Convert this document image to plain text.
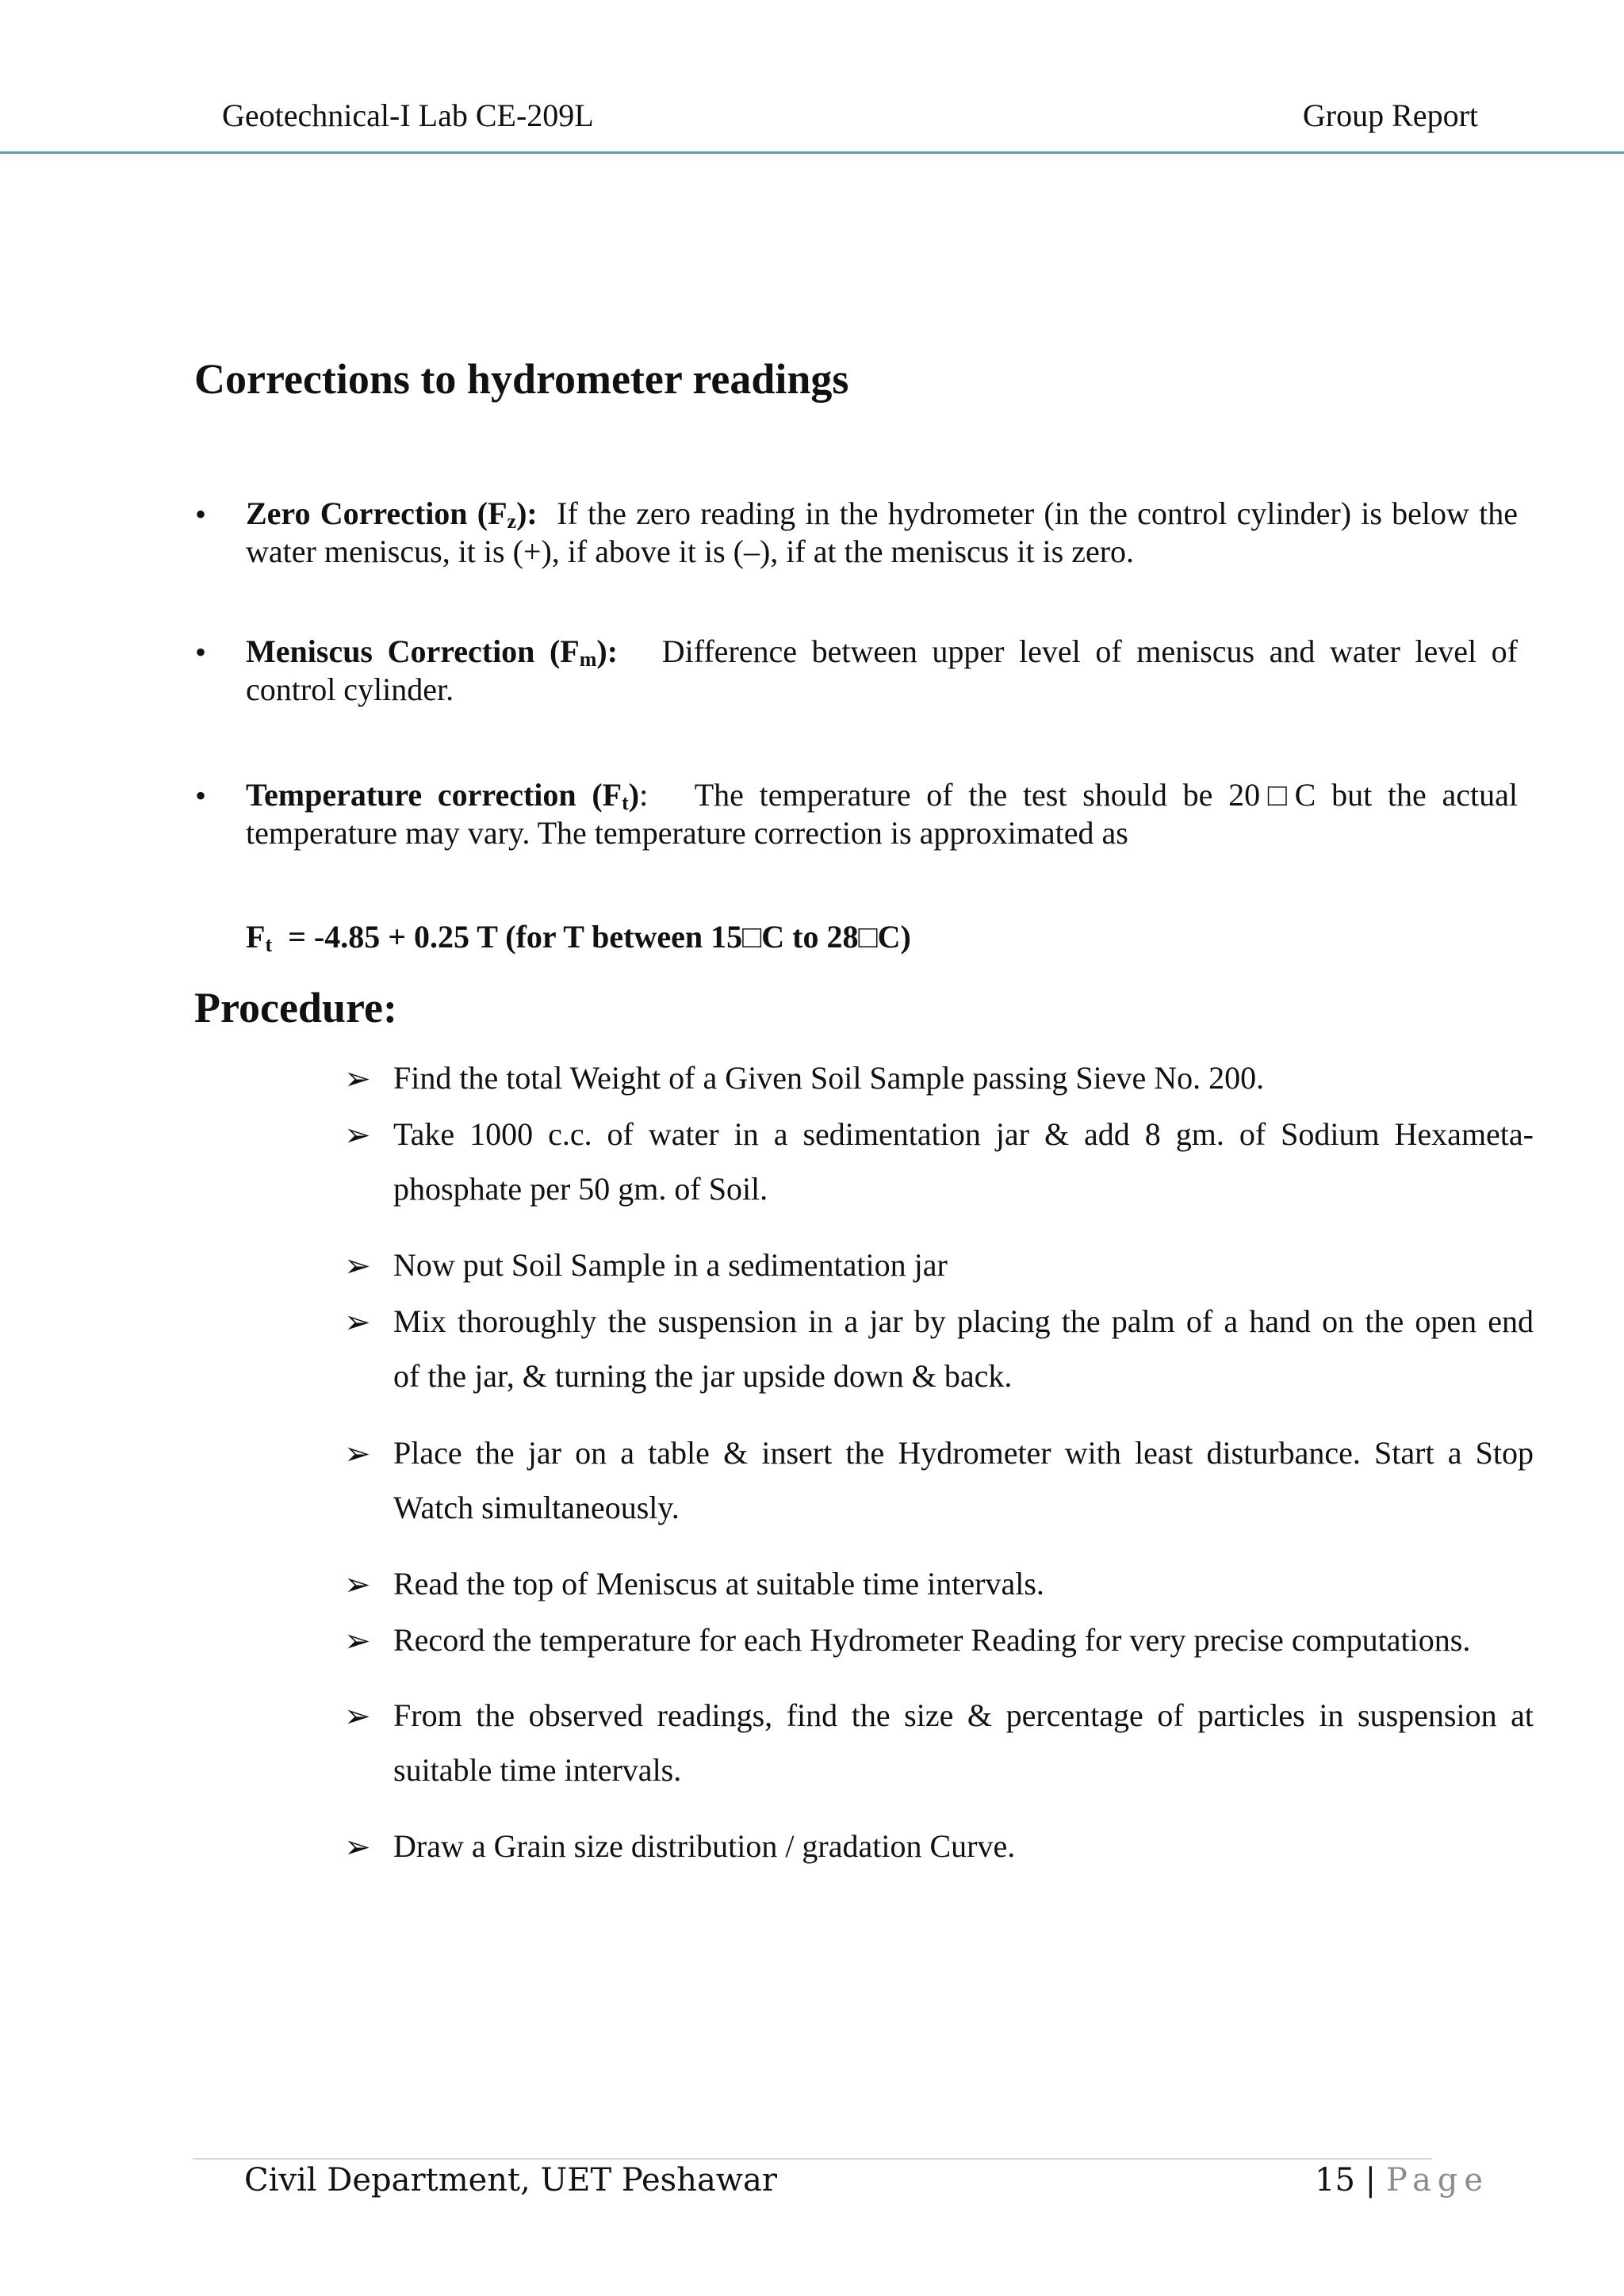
Geotechnical-I Lab CE-209L	Group Report
Corrections to hydrometer readings
• Zero Correction $(F_z)$: If the zero reading in the hydrometer (in the control cylinder) is below the
water meniscus, it is (+), if above it is (–), if at the meniscus it is zero.
• Meniscus Correction $(F_m)$: Difference between upper level of meniscus and water level of
control cylinder.
• Temperature correction $(F_t)$: The temperature of the test should be 20□C but the actual
temperature may vary. The temperature correction is approximated as
$F_t = -4.85 + 0.25$ T (for T between 15□C to 28□C)
Procedure:
➢ Find the total Weight of a Given Soil Sample passing Sieve No. 200.
➢ Take 1000 c.c. of water in a sedimentation jar & add 8 gm. of Sodium Hexameta-
phosphate per 50 gm. of Soil.
➢ Now put Soil Sample in a sedimentation jar
➢ Mix thoroughly the suspension in a jar by placing the palm of a hand on the open end
of the jar, & turning the jar upside down & back.
➢ Place the jar on a table & insert the Hydrometer with least disturbance. Start a Stop
Watch simultaneously.
➢ Read the top of Meniscus at suitable time intervals.
➢ Record the temperature for each Hydrometer Reading for very precise computations.
➢ From the observed readings, find the size & percentage of particles in suspension at
suitable time intervals.
➢ Draw a Grain size distribution / gradation Curve.
Civil Department, UET Peshawar	15 | Page
